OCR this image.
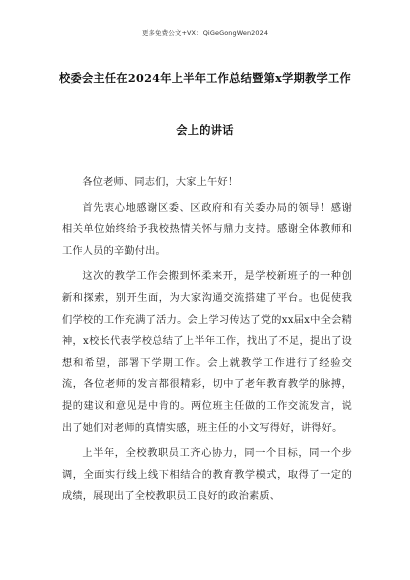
更多免费公文+VX：QiGeGongWen2024
校委会主任在2024年上半年工作总结暨第x学期教学工作
会上的讲话

各位老师、同志们，大家上午好！

首先衷心地感谢区委、区政府和有关委办局的领导！感谢相关单位始终给予我校热情关怀与鼎力支持。感谢全体教师和工作人员的辛勤付出。

这次的教学工作会搬到怀柔来开，是学校新班子的一种创新和探索，别开生面，为大家沟通交流搭建了平台。也促使我们学校的工作充满了活力。会上学习传达了党的xx届x中全会精神，x校长代表学校总结了上半年工作，找出了不足，提出了设想和希望，部署下学期工作。会上就教学工作进行了经验交流，各位老师的发言都很精彩，切中了老年教育教学的脉搏，提的建议和意见是中肯的。两位班主任做的工作交流发言，说出了她们对老师的真情实感，班主任的小文写得好，讲得好。

上半年，全校教职员工齐心协力，同一个目标，同一个步调，全面实行线上线下相结合的教育教学模式，取得了一定的成绩，展现出了全校教职员工良好的政治素质、
